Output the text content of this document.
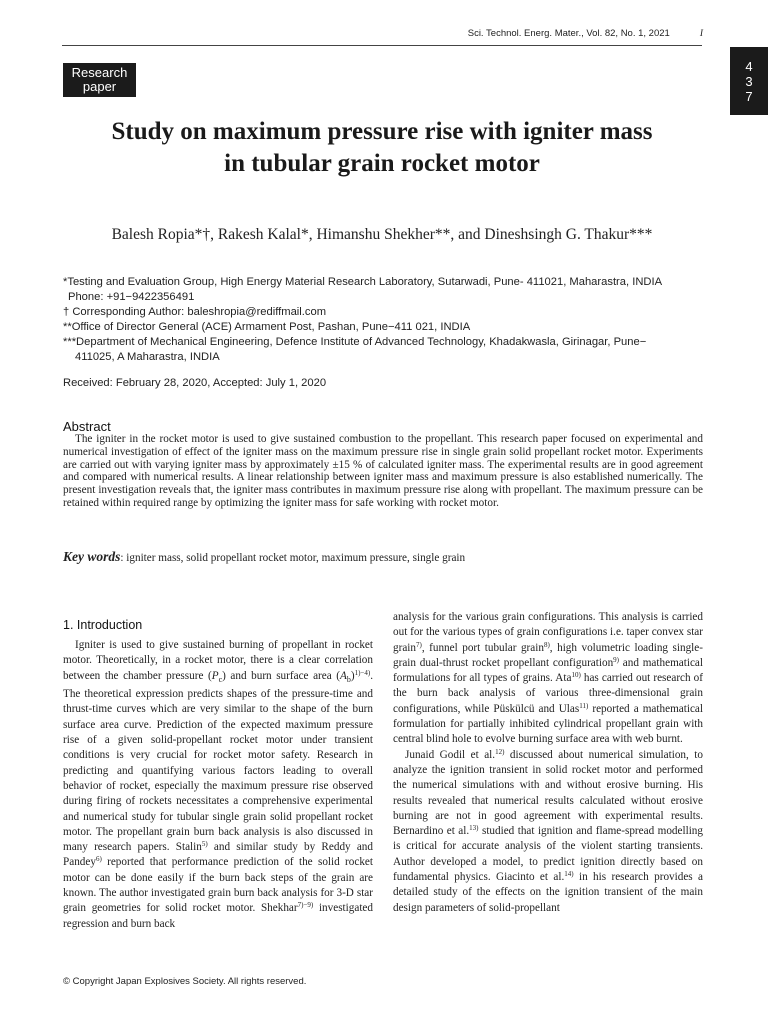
Sci. Technol. Energ. Mater., Vol. 82, No. 1, 2021	I
4
3
7
Research
paper
Study on maximum pressure rise with igniter mass
in tubular grain rocket motor
Balesh Ropia*†, Rakesh Kalal*, Himanshu Shekher**, and Dineshsingh G. Thakur***
*Testing and Evaluation Group, High Energy Material Research Laboratory, Sutarwadi, Pune- 411021, Maharastra, INDIA
Phone: +91−9422356491
† Corresponding Author: baleshropia@rediffmail.com
**Office of Director General (ACE) Armament Post, Pashan, Pune−411 021, INDIA
***Department of Mechanical Engineering, Defence Institute of Advanced Technology, Khadakwasla, Girinagar, Pune−
411025, A Maharastra, INDIA
Received: February 28, 2020, Accepted: July 1, 2020
Abstract

The igniter in the rocket motor is used to give sustained combustion to the propellant. This research paper focused on experimental and numerical investigation of effect of the igniter mass on the maximum pressure rise in single grain solid propellant rocket motor. Experiments are carried out with varying igniter mass by approximately ±15 % of calculated igniter mass. The experimental results are in good agreement and compared with numerical results. A linear relationship between igniter mass and maximum pressure is also established numerically. The present investigation reveals that, the igniter mass contributes in maximum pressure rise along with propellant. The maximum pressure can be retained within required range by optimizing the igniter mass for safe working with rocket motor.

Key words: igniter mass, solid propellant rocket motor, maximum pressure, single grain
1. Introduction

Igniter is used to give sustained burning of propellant in rocket motor. Theoretically, in a rocket motor, there is a clear correlation between the chamber pressure $(P_c)$ and burn surface area $(A_b)^{1)-4)}$. The theoretical expression predicts shapes of the pressure-time and thrust-time curves which are very similar to the shape of the burn surface area curve. Prediction of the expected maximum pressure rise of a given solid-propellant rocket motor under transient conditions is very crucial for rocket motor safety. Research in predicting and quantifying various factors leading to overall behavior of rocket, especially the maximum pressure rise observed during firing of rockets necessitates a comprehensive experimental and numerical study for tubular single grain solid propellant rocket motor. The propellant grain burn back analysis is also discussed in many research papers. Stalin$^{5)}$ and similar study by Reddy and Pandey$^{6)}$ reported that performance prediction of the solid rocket motor can be done easily if the burn back steps of the grain are known. The author investigated grain burn back analysis for 3-D star grain geometries for solid rocket motor. Shekhar$^{7)-9)}$ investigated regression and burn back

analysis for the various grain configurations. This analysis is carried out for the various types of grain configurations i.e. taper convex star grain$^{7)}$, funnel port tubular grain$^{8)}$, high volumetric loading single-grain dual-thrust rocket propellant configuration$^{9)}$ and mathematical formulations for all types of grains. Ata$^{10)}$ has carried out research of the burn back analysis of various three-dimensional grain configurations, while Püskülcü and Ulas$^{11)}$ reported a mathematical formulation for partially inhibited cylindrical propellant grain with central blind hole to evolve burning surface area with web burnt.

Junaid Godil et al.$^{12)}$ discussed about numerical simulation, to analyze the ignition transient in solid rocket motor and performed the numerical simulations with and without erosive burning. His results revealed that numerical results calculated without erosive burning are not in good agreement with experimental results. Bernardino et al.$^{13)}$ studied that ignition and flame-spread modelling is critical for accurate analysis of the violent starting transients. Author developed a model, to predict ignition directly based on fundamental physics. Giacinto et al.$^{14)}$ in his research provides a detailed study of the effects on the ignition transient of the main design parameters of solid-propellant

© Copyright Japan Explosives Society. All rights reserved.
